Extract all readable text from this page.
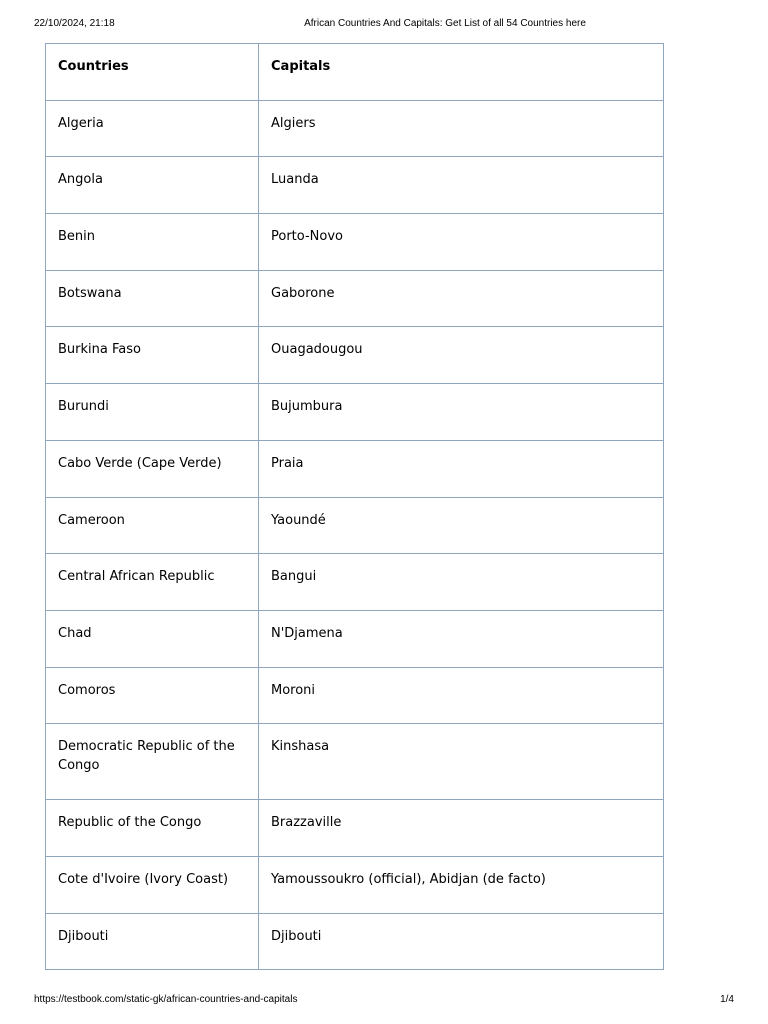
22/10/2024, 21:18	African Countries And Capitals: Get List of all 54 Countries here
Countries	Capitals
Algeria	Algiers
Angola	Luanda
Benin	Porto-Novo
Botswana	Gaborone
Burkina Faso	Ouagadougou
Burundi	Bujumbura
Cabo Verde (Cape Verde)	Praia
Cameroon	Yaoundé
Central African Republic	Bangui
Chad	N'Djamena
Comoros	Moroni
Democratic Republic of the Congo	Kinshasa
Republic of the Congo	Brazzaville
Cote d'Ivoire (Ivory Coast)	Yamoussoukro (official), Abidjan (de facto)
Djibouti	Djibouti
https://testbook.com/static-gk/african-countries-and-capitals	1/4
